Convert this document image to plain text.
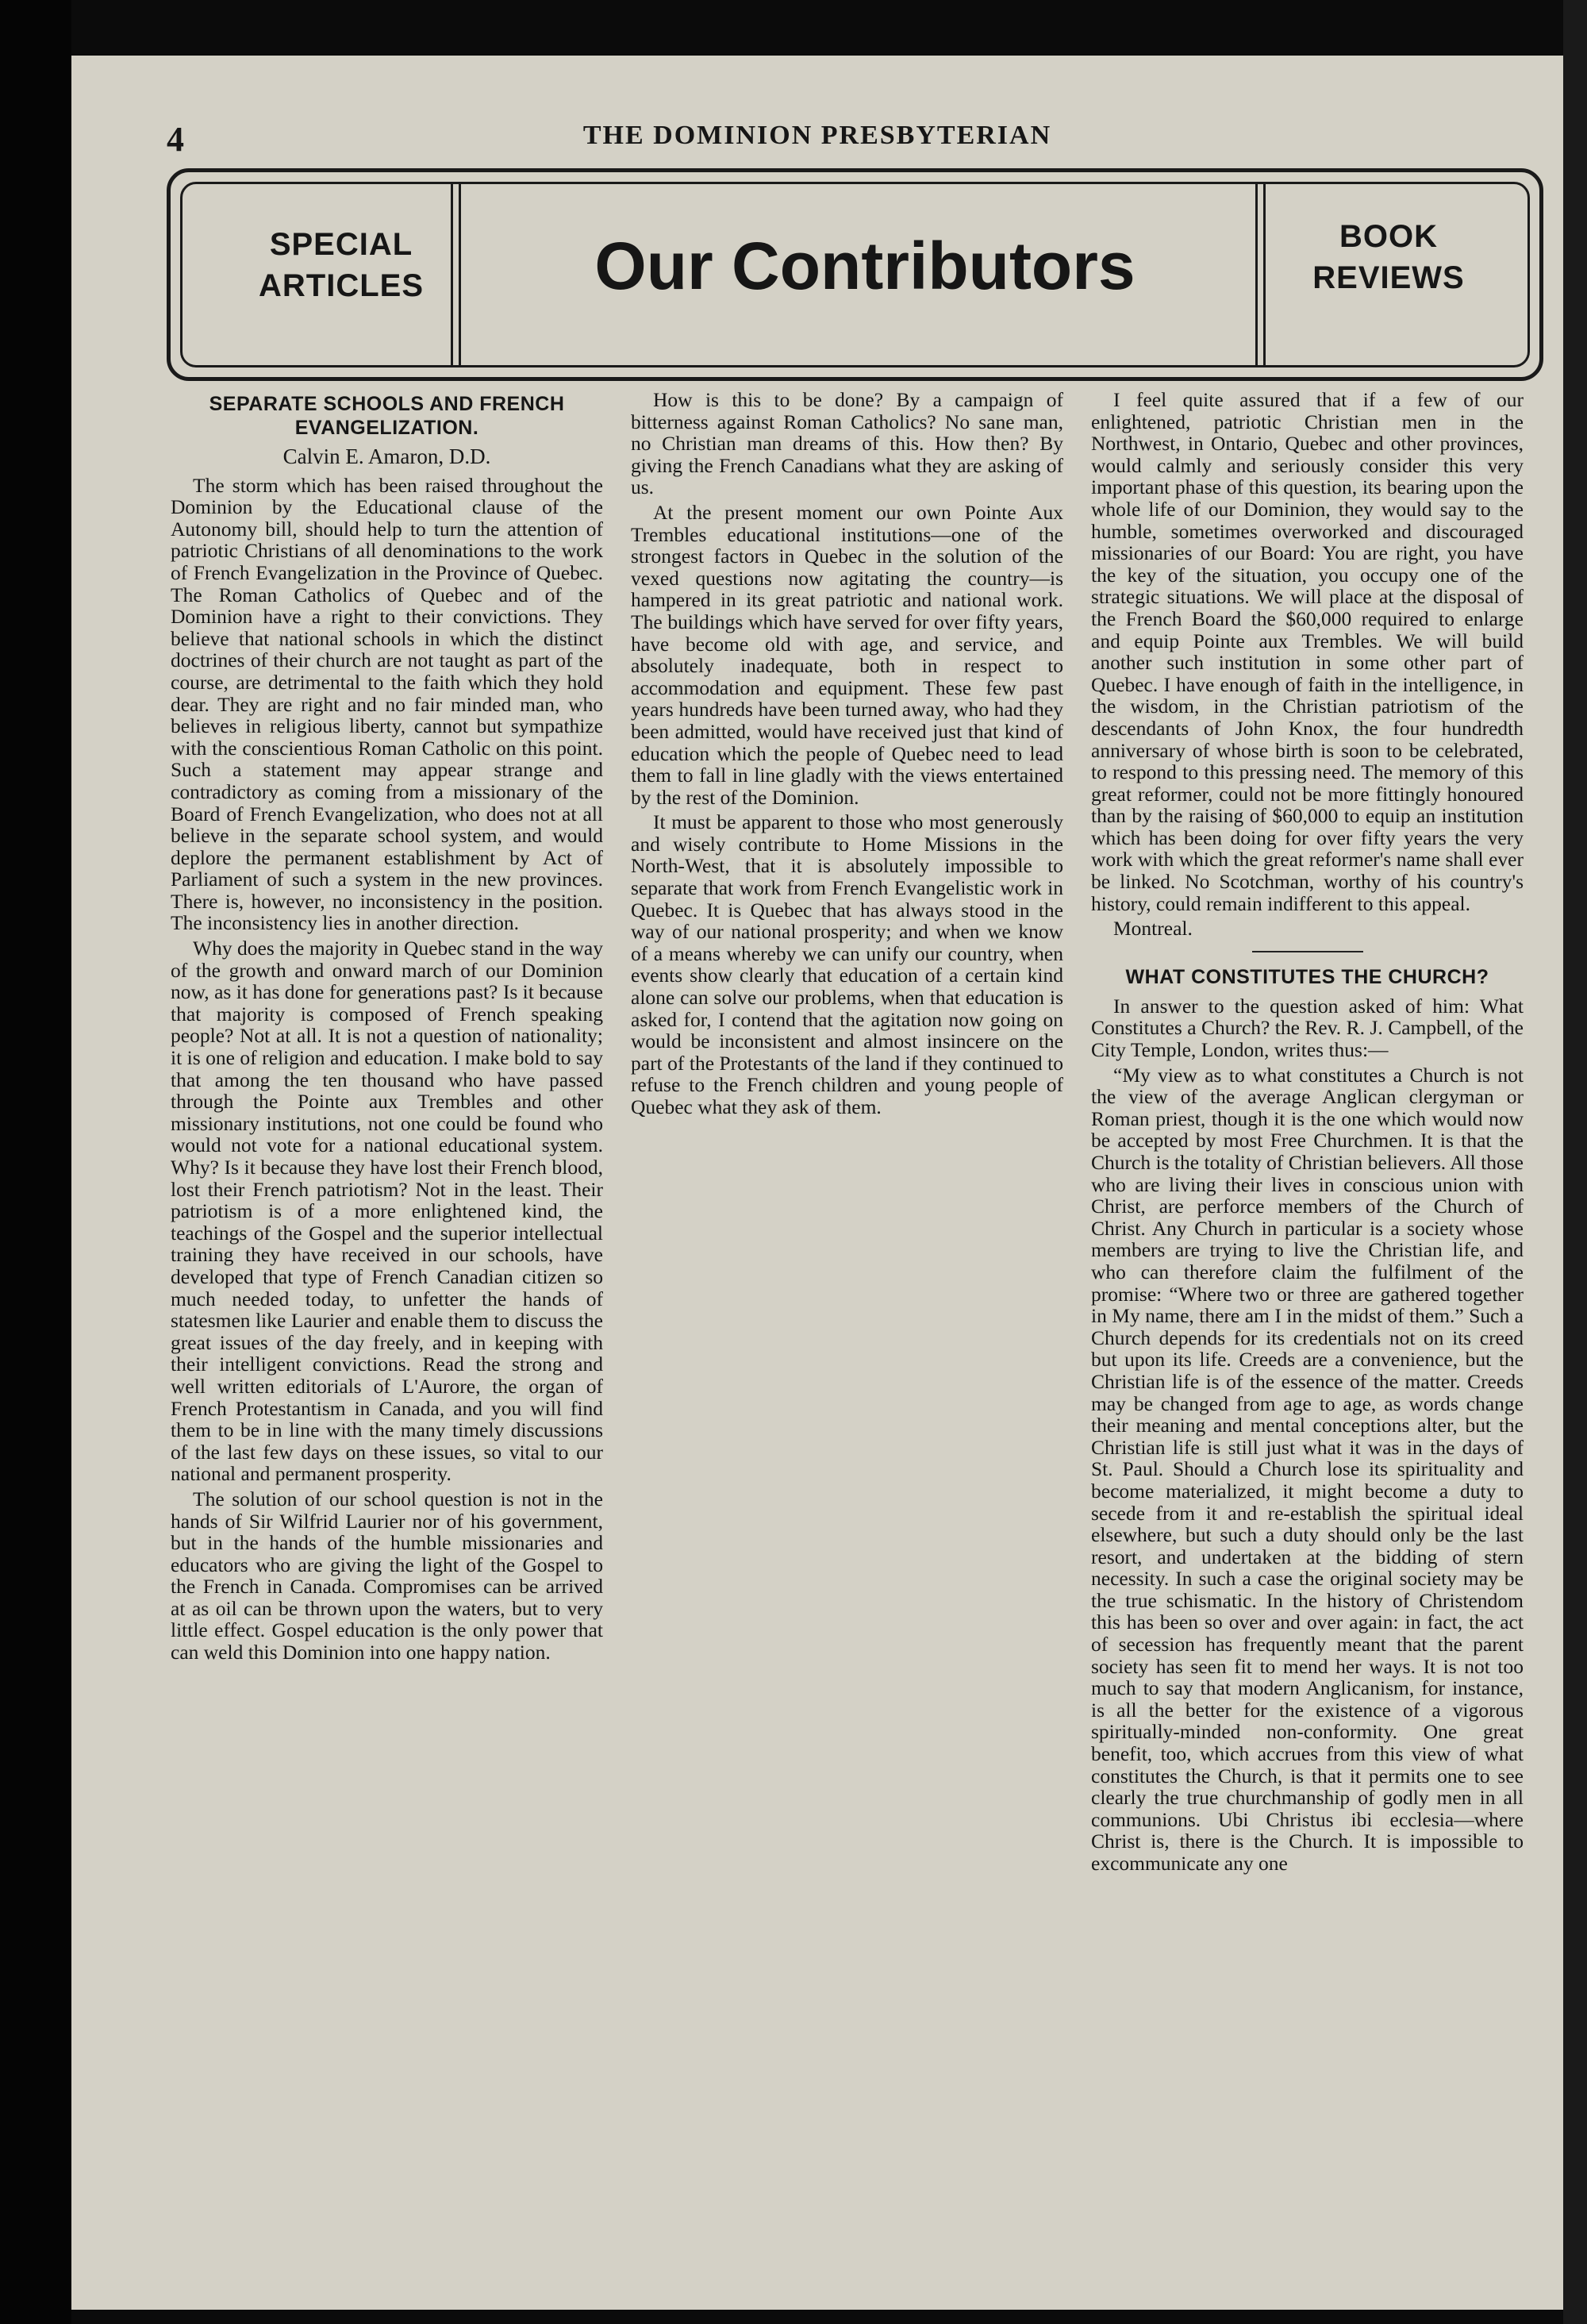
4	THE DOMINION PRESBYTERIAN
SPECIAL
ARTICLES	Our Contributors	BOOK
REVIEWS
SEPARATE SCHOOLS AND FRENCH EVANGELIZATION.
Calvin E. Amaron, D.D.

The storm which has been raised throughout the Dominion by the Educational clause of the Autonomy bill, should help to turn the attention of patriotic Christians of all denominations to the work of French Evangelization in the Province of Quebec. The Roman Catholics of Quebec and of the Dominion have a right to their convictions. They believe that national schools in which the distinct doctrines of their church are not taught as part of the course, are detrimental to the faith which they hold dear. They are right and no fair minded man, who believes in religious liberty, cannot but sympathize with the conscientious Roman Catholic on this point. Such a statement may appear strange and contradictory as coming from a missionary of the Board of French Evangelization, who does not at all believe in the separate school system, and would deplore the permanent establishment by Act of Parliament of such a system in the new provinces. There is, however, no inconsistency in the position. The inconsistency lies in another direction.

Why does the majority in Quebec stand in the way of the growth and onward march of our Dominion now, as it has done for generations past? Is it because that majority is composed of French speaking people? Not at all. It is not a question of nationality; it is one of religion and education. I make bold to say that among the ten thousand who have passed through the Pointe aux Trembles and other missionary institutions, not one could be found who would not vote for a national educational system. Why? Is it because they have lost their French blood, lost their French patriotism? Not in the least. Their patriotism is of a more enlightened kind, the teachings of the Gospel and the superior intellectual training they have received in our schools, have developed that type of French Canadian citizen so much needed today, to unfetter the hands of statesmen like Laurier and enable them to discuss the great issues of the day freely, and in keeping with their intelligent convictions. Read the strong and well written editorials of L'Aurore, the organ of French Protestantism in Canada, and you will find them to be in line with the many timely discussions of the last few days on these issues, so vital to our national and permanent prosperity.

The solution of our school question is not in the hands of Sir Wilfrid Laurier nor of his government, but in the hands of the humble missionaries and educators who are giving the light of the Gospel to the French in Canada. Compromises can be arrived at as oil can be thrown upon the waters, but to very little effect. Gospel education is the only power that can weld this Dominion into one happy nation.

How is this to be done? By a campaign of bitterness against Roman Catholics? No sane man, no Christian man dreams of this. How then? By giving the French Canadians what they are asking of us.

At the present moment our own Pointe Aux Trembles educational institutions—one of the strongest factors in Quebec in the solution of the vexed questions now agitating the country—is hampered in its great patriotic and national work. The buildings which have served for over fifty years, have become old with age, and service, and absolutely inadequate, both in respect to accommodation and equipment. These few past years hundreds have been turned away, who had they been admitted, would have received just that kind of education which the people of Quebec need to lead them to fall in line gladly with the views entertained by the rest of the Dominion.

It must be apparent to those who most generously and wisely contribute to Home Missions in the North-West, that it is absolutely impossible to separate that work from French Evangelistic work in Quebec. It is Quebec that has always stood in the way of our national prosperity; and when we know of a means whereby we can unify our country, when events show clearly that education of a certain kind alone can solve our problems, when that education is asked for, I contend that the agitation now going on would be inconsistent and almost insincere on the part of the Protestants of the land if they continued to refuse to the French children and young people of Quebec what they ask of them.

I feel quite assured that if a few of our enlightened, patriotic Christian men in the Northwest, in Ontario, Quebec and other provinces, would calmly and seriously consider this very important phase of this question, its bearing upon the whole life of our Dominion, they would say to the humble, sometimes overworked and discouraged missionaries of our Board: You are right, you have the key of the situation, you occupy one of the strategic situations. We will place at the disposal of the French Board the $60,000 required to enlarge and equip Pointe aux Trembles. We will build another such institution in some other part of Quebec. I have enough of faith in the intelligence, in the wisdom, in the Christian patriotism of the descendants of John Knox, the four hundredth anniversary of whose birth is soon to be celebrated, to respond to this pressing need. The memory of this great reformer, could not be more fittingly honoured than by the raising of $60,000 to equip an institution which has been doing for over fifty years the very work with which the great reformer's name shall ever be linked. No Scotchman, worthy of his country's history, could remain indifferent to this appeal.

Montreal.

WHAT CONSTITUTES THE CHURCH?

In answer to the question asked of him: What Constitutes a Church? the Rev. R. J. Campbell, of the City Temple, London, writes thus:—

“My view as to what constitutes a Church is not the view of the average Anglican clergyman or Roman priest, though it is the one which would now be accepted by most Free Churchmen. It is that the Church is the totality of Christian believers. All those who are living their lives in conscious union with Christ, are perforce members of the Church of Christ. Any Church in particular is a society whose members are trying to live the Christian life, and who can therefore claim the fulfilment of the promise: “Where two or three are gathered together in My name, there am I in the midst of them.” Such a Church depends for its credentials not on its creed but upon its life. Creeds are a convenience, but the Christian life is of the essence of the matter. Creeds may be changed from age to age, as words change their meaning and mental conceptions alter, but the Christian life is still just what it was in the days of St. Paul. Should a Church lose its spirituality and become materialized, it might become a duty to secede from it and re-establish the spiritual ideal elsewhere, but such a duty should only be the last resort, and undertaken at the bidding of stern necessity. In such a case the original society may be the true schismatic. In the history of Christendom this has been so over and over again: in fact, the act of secession has frequently meant that the parent society has seen fit to mend her ways. It is not too much to say that modern Anglicanism, for instance, is all the better for the existence of a vigorous spiritually-minded non-conformity. One great benefit, too, which accrues from this view of what constitutes the Church, is that it permits one to see clearly the true churchmanship of godly men in all communions. Ubi Christus ibi ecclesia—where Christ is, there is the Church. It is impossible to excommunicate any one
